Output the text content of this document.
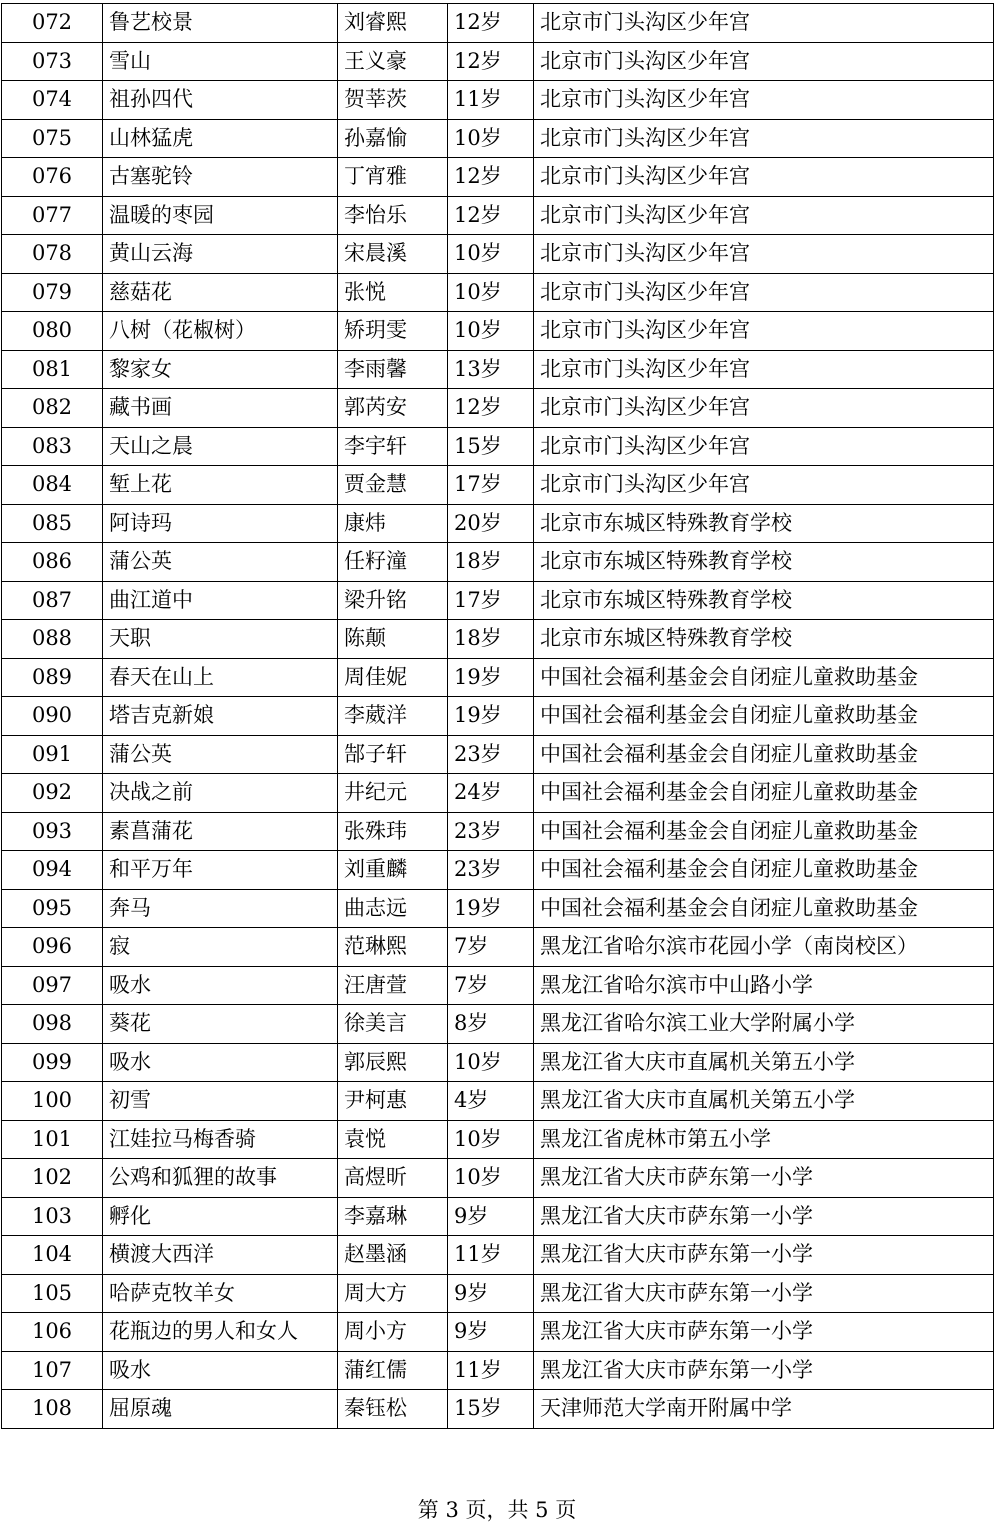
072	鲁艺校景	刘睿熙	12岁	北京市门头沟区少年宫
073	雪山	王义豪	12岁	北京市门头沟区少年宫
074	祖孙四代	贺莘茨	11岁	北京市门头沟区少年宫
075	山林猛虎	孙嘉愉	10岁	北京市门头沟区少年宫
076	古塞驼铃	丁宵雅	12岁	北京市门头沟区少年宫
077	温暖的枣园	李怡乐	12岁	北京市门头沟区少年宫
078	黄山云海	宋晨溪	10岁	北京市门头沟区少年宫
079	慈菇花	张悦	10岁	北京市门头沟区少年宫
080	八树（花椒树）	矫玥雯	10岁	北京市门头沟区少年宫
081	黎家女	李雨馨	13岁	北京市门头沟区少年宫
082	藏书画	郭芮安	12岁	北京市门头沟区少年宫
083	天山之晨	李宇轩	15岁	北京市门头沟区少年宫
084	堑上花	贾金慧	17岁	北京市门头沟区少年宫
085	阿诗玛	康炜	20岁	北京市东城区特殊教育学校
086	蒲公英	任籽潼	18岁	北京市东城区特殊教育学校
087	曲江道中	梁升铭	17岁	北京市东城区特殊教育学校
088	天职	陈颠	18岁	北京市东城区特殊教育学校
089	春天在山上	周佳妮	19岁	中国社会福利基金会自闭症儿童救助基金
090	塔吉克新娘	李葳洋	19岁	中国社会福利基金会自闭症儿童救助基金
091	蒲公英	郜子轩	23岁	中国社会福利基金会自闭症儿童救助基金
092	决战之前	井纪元	24岁	中国社会福利基金会自闭症儿童救助基金
093	素菖蒲花	张殊玮	23岁	中国社会福利基金会自闭症儿童救助基金
094	和平万年	刘重麟	23岁	中国社会福利基金会自闭症儿童救助基金
095	奔马	曲志远	19岁	中国社会福利基金会自闭症儿童救助基金
096	寂	范琳熙	7岁	黑龙江省哈尔滨市花园小学（南岗校区）
097	吸水	汪唐萱	7岁	黑龙江省哈尔滨市中山路小学
098	葵花	徐美言	8岁	黑龙江省哈尔滨工业大学附属小学
099	吸水	郭辰熙	10岁	黑龙江省大庆市直属机关第五小学
100	初雪	尹柯惠	4岁	黑龙江省大庆市直属机关第五小学
101	江娃拉马梅香骑	袁悦	10岁	黑龙江省虎林市第五小学
102	公鸡和狐狸的故事	高煜昕	10岁	黑龙江省大庆市萨东第一小学
103	孵化	李嘉琳	9岁	黑龙江省大庆市萨东第一小学
104	横渡大西洋	赵墨涵	11岁	黑龙江省大庆市萨东第一小学
105	哈萨克牧羊女	周大方	9岁	黑龙江省大庆市萨东第一小学
106	花瓶边的男人和女人	周小方	9岁	黑龙江省大庆市萨东第一小学
107	吸水	蒲红儒	11岁	黑龙江省大庆市萨东第一小学
108	屈原魂	秦钰松	15岁	天津师范大学南开附属中学
第 3 页，共 5 页
